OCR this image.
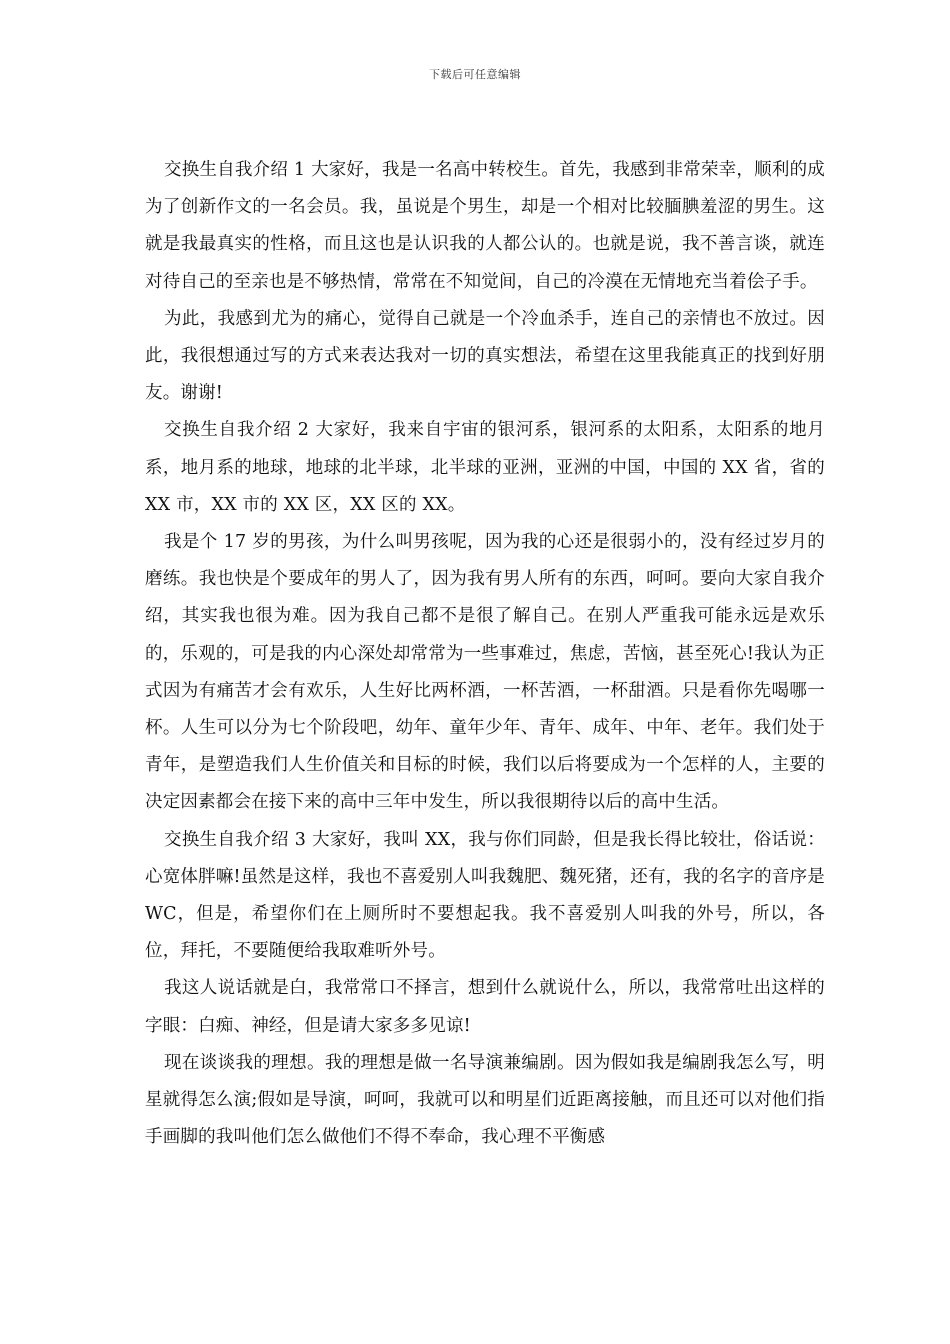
下载后可任意编辑

交换生自我介绍 1 大家好，我是一名高中转校生。首先，我感到非常荣幸，顺利的成为了创新作文的一名会员。我，虽说是个男生，却是一个相对比较腼腆羞涩的男生。这就是我最真实的性格，而且这也是认识我的人都公认的。也就是说，我不善言谈，就连对待自己的至亲也是不够热情，常常在不知觉间，自己的冷漠在无情地充当着侩子手。

为此，我感到尤为的痛心，觉得自己就是一个冷血杀手，连自己的亲情也不放过。因此，我很想通过写的方式来表达我对一切的真实想法，希望在这里我能真正的找到好朋友。谢谢!

交换生自我介绍 2 大家好，我来自宇宙的银河系，银河系的太阳系，太阳系的地月系，地月系的地球，地球的北半球，北半球的亚洲，亚洲的中国，中国的 XX 省，省的 XX 市，XX 市的 XX 区，XX 区的 XX。

我是个 17 岁的男孩，为什么叫男孩呢，因为我的心还是很弱小的，没有经过岁月的磨练。我也快是个要成年的男人了，因为我有男人所有的东西，呵呵。要向大家自我介绍，其实我也很为难。因为我自己都不是很了解自己。在别人严重我可能永远是欢乐的，乐观的，可是我的内心深处却常常为一些事难过，焦虑，苦恼，甚至死心!我认为正式因为有痛苦才会有欢乐，人生好比两杯酒，一杯苦酒，一杯甜酒。只是看你先喝哪一杯。人生可以分为七个阶段吧，幼年、童年少年、青年、成年、中年、老年。我们处于青年，是塑造我们人生价值关和目标的时候，我们以后将要成为一个怎样的人，主要的决定因素都会在接下来的高中三年中发生，所以我很期待以后的高中生活。

交换生自我介绍 3 大家好，我叫 XX，我与你们同龄，但是我长得比较壮，俗话说：心宽体胖嘛!虽然是这样，我也不喜爱别人叫我魏肥、魏死猪，还有，我的名字的音序是 WC，但是，希望你们在上厕所时不要想起我。我不喜爱别人叫我的外号，所以，各位，拜托，不要随便给我取难听外号。

我这人说话就是白，我常常口不择言，想到什么就说什么，所以，我常常吐出这样的字眼：白痴、神经，但是请大家多多见谅!

现在谈谈我的理想。我的理想是做一名导演兼编剧。因为假如我是编剧我怎么写，明星就得怎么演;假如是导演，呵呵，我就可以和明星们近距离接触，而且还可以对他们指手画脚的我叫他们怎么做他们不得不奉命，我心理不平衡感
